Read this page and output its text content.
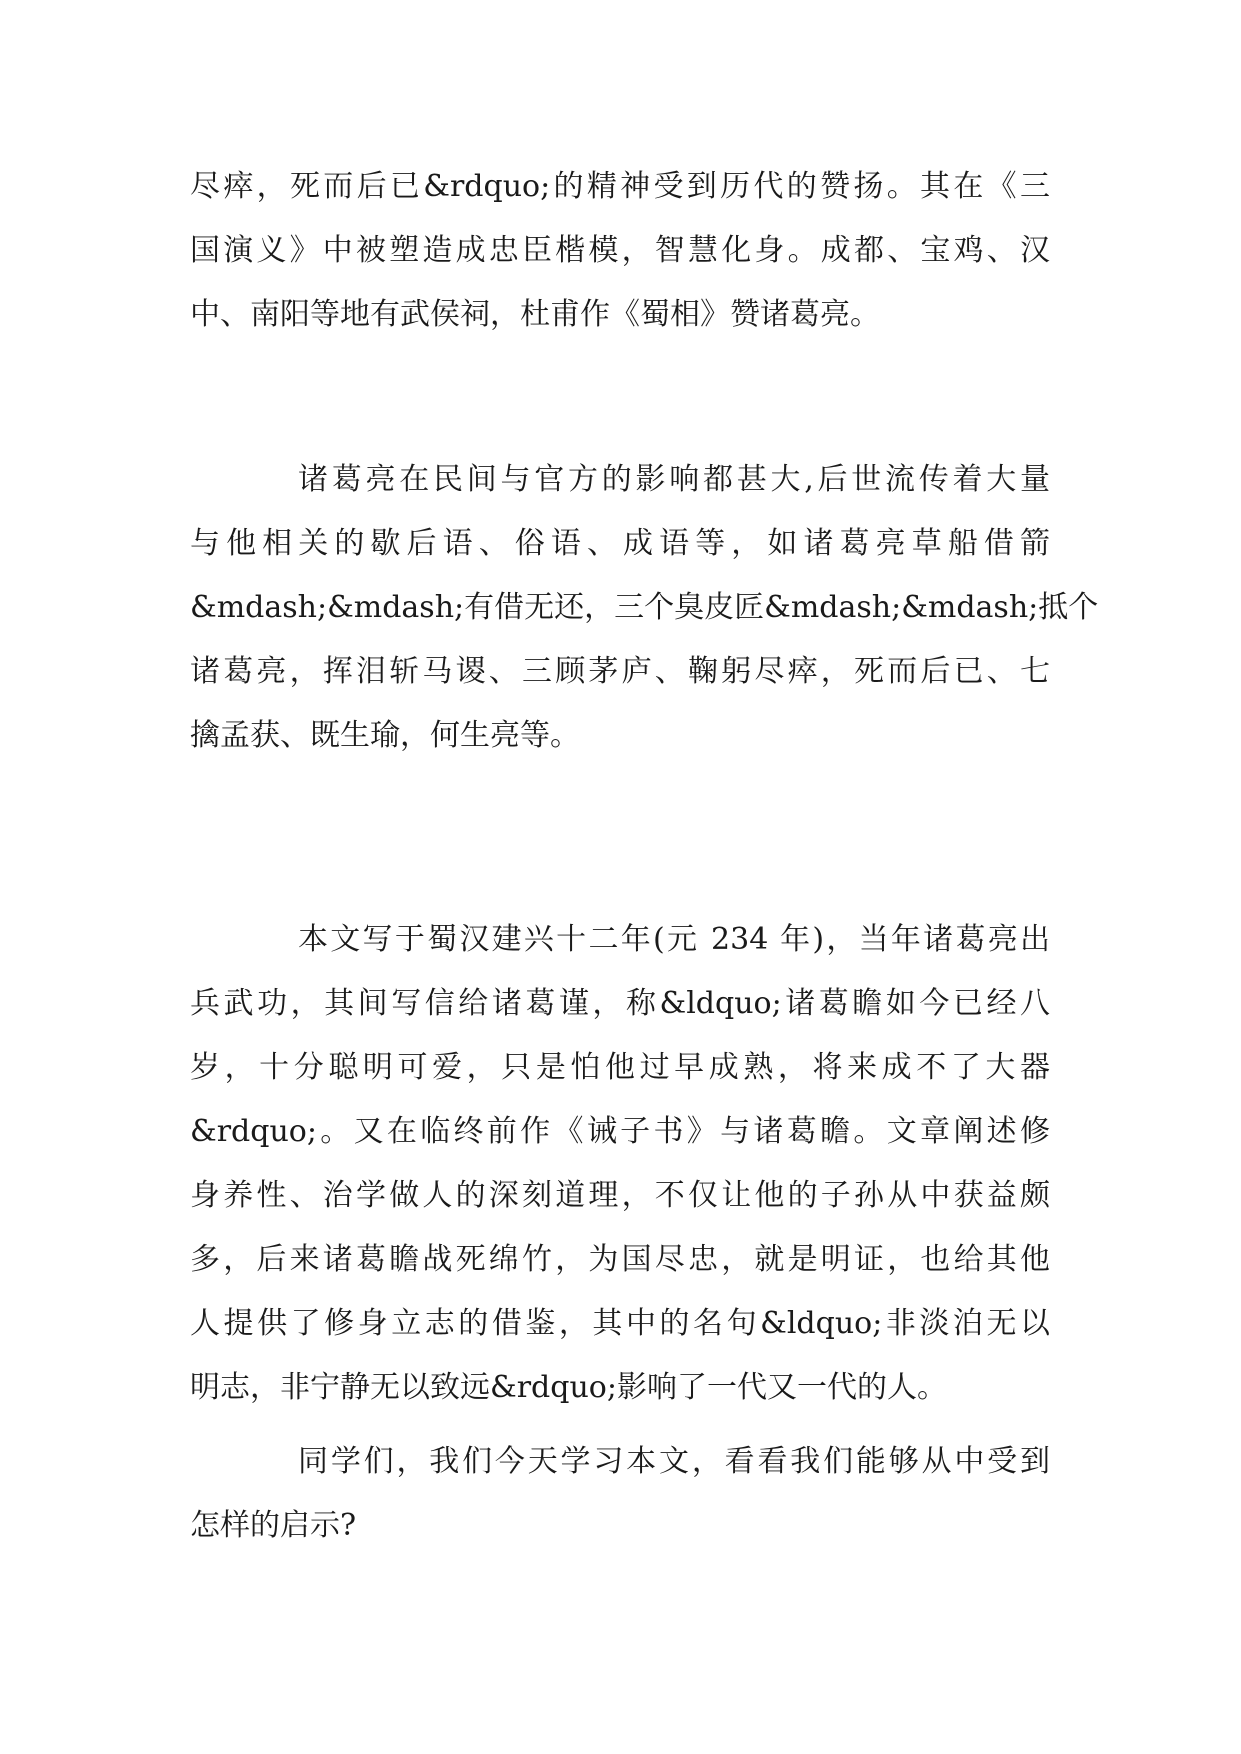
尽瘁，死而后已&rdquo;的精神受到历代的赞扬。其在《三
国演义》中被塑造成忠臣楷模，智慧化身。成都、宝鸡、汉
中、南阳等地有武侯祠，杜甫作《蜀相》赞诸葛亮。
诸葛亮在民间与官方的影响都甚大,后世流传着大量
与他相关的歇后语、俗语、成语等，如诸葛亮草船借箭
&mdash;&mdash;有借无还，三个臭皮匠&mdash;&mdash;抵个
诸葛亮，挥泪斩马谡、三顾茅庐、鞠躬尽瘁，死而后已、七
擒孟获、既生瑜，何生亮等。
本文写于蜀汉建兴十二年(元 234 年)，当年诸葛亮出
兵武功，其间写信给诸葛谨，称&ldquo;诸葛瞻如今已经八
岁，十分聪明可爱，只是怕他过早成熟，将来成不了大器
&rdquo;。又在临终前作《诫子书》与诸葛瞻。文章阐述修
身养性、治学做人的深刻道理，不仅让他的子孙从中获益颇
多，后来诸葛瞻战死绵竹，为国尽忠，就是明证，也给其他
人提供了修身立志的借鉴，其中的名句&ldquo;非淡泊无以
明志，非宁静无以致远&rdquo;影响了一代又一代的人。
同学们，我们今天学习本文，看看我们能够从中受到
怎样的启示?
